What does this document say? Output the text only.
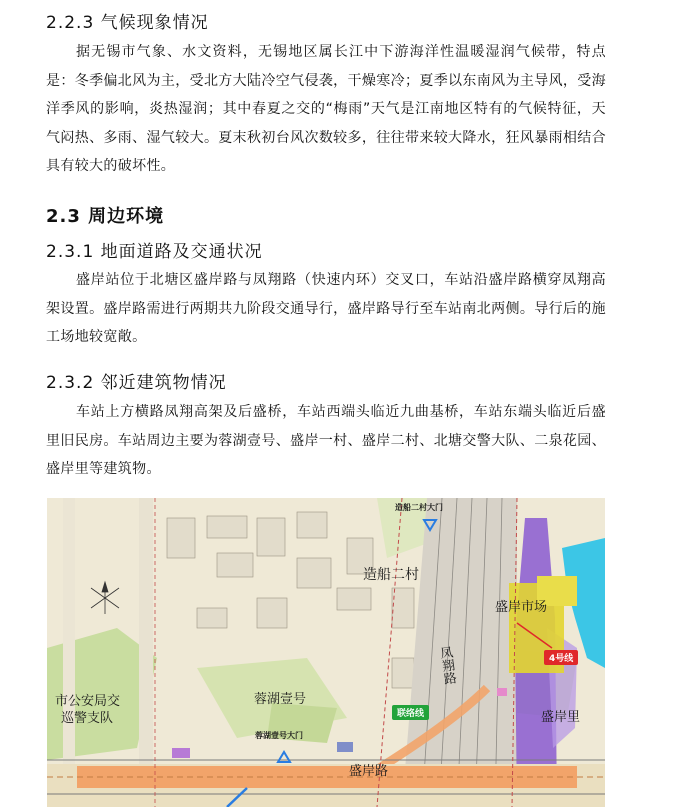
2.2.3 气候现象情况
据无锡市气象、水文资料，无锡地区属长江中下游海洋性温暖湿润气候带，特点是：冬季偏北风为主，受北方大陆冷空气侵袭，干燥寒冷；夏季以东南风为主导风，受海洋季风的影响，炎热湿润；其中春夏之交的“梅雨”天气是江南地区特有的气候特征，天气闷热、多雨、湿气较大。夏末秋初台风次数较多，往往带来较大降水，狂风暴雨相结合具有较大的破坏性。
2.3 周边环境
2.3.1 地面道路及交通状况
盛岸站位于北塘区盛岸路与凤翔路（快速内环）交叉口，车站沿盛岸路横穿凤翔高架设置。盛岸路需进行两期共九阶段交通导行，盛岸路导行至车站南北两侧。导行后的施工场地较宽敞。
2.3.2 邻近建筑物情况
车站上方横路凤翔高架及后盛桥，车站西端头临近九曲基桥，车站东端头临近后盛里旧民房。车站周边主要为蓉湖壹号、盛岸一村、盛岸二村、北塘交警大队、二泉花园、盛岸里等建筑物。
造船二村
造船二村大门
盛岸市场
凤翔路
市公安局交
巡警支队
蓉湖壹号
蓉湖壹号大门
盛岸路
盛岸里
4号线
联络线
